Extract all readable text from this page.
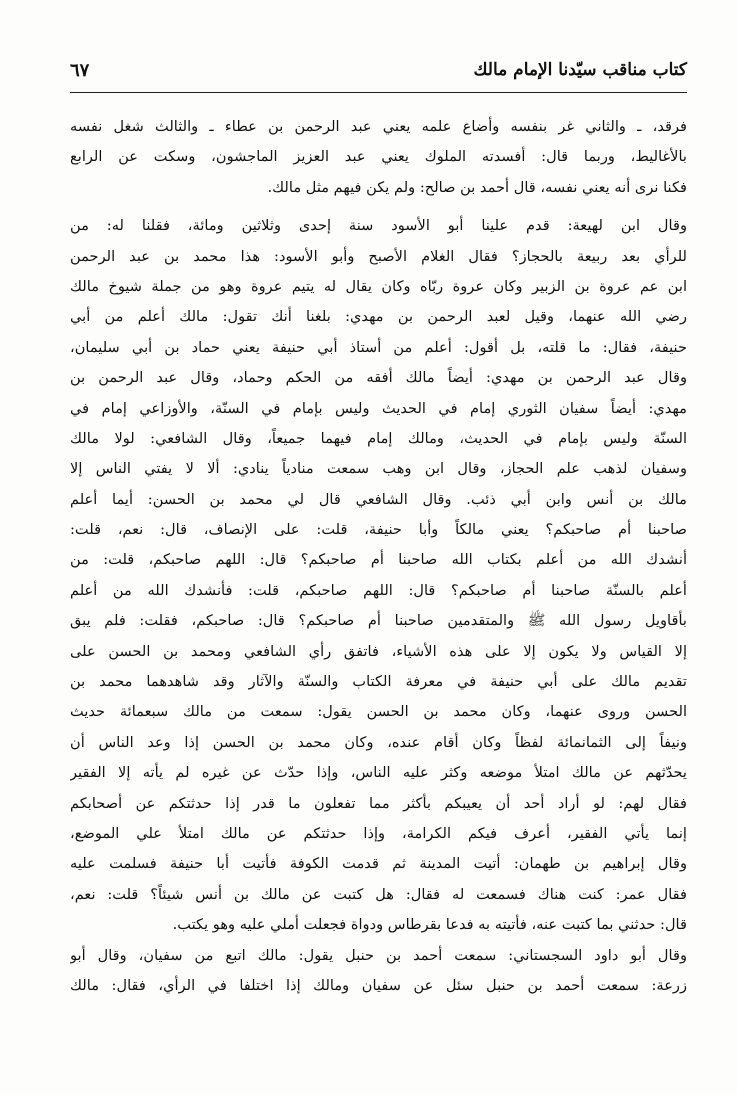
كتاب مناقب سيّدنا الإمام مالك
٦٧
فرقد، ـ والثاني غر بنفسه وأضاع علمه يعني عبد الرحمن بن عطاء ـ والثالث شغل نفسه
بالأغاليط، وربما قال: أفسدته الملوك يعني عبد العزيز الماجشون، وسكت عن الرابع
فكنا نرى أنه يعني نفسه، قال أحمد بن صالح: ولم يكن فيهم مثل مالك.
وقال ابن لهيعة: قدم علينا أبو الأسود سنة إحدى وثلاثين ومائة، فقلنا له: من
للرأي بعد ربيعة بالحجاز؟ فقال الغلام الأصبح وأبو الأسود: هذا محمد بن عبد الرحمن
ابن عم عروة بن الزبير وكان عروة ربّاه وكان يقال له يتيم عروة وهو من جملة شيوخ مالك
رضي الله عنهما، وقيل لعبد الرحمن بن مهدي: بلغنا أنك تقول: مالك أعلم من أبي
حنيفة، فقال: ما قلته، بل أقول: أعلم من أستاذ أبي حنيفة يعني حماد بن أبي سليمان،
وقال عبد الرحمن بن مهدي: أيضاً مالك أفقه من الحكم وحماد، وقال عبد الرحمن بن
مهدي: أيضاً سفيان الثوري إمام في الحديث وليس بإمام في السنّة، والأوزاعي إمام في
السنّة وليس بإمام في الحديث، ومالك إمام فيهما جميعاً، وقال الشافعي: لولا مالك
وسفيان لذهب علم الحجاز، وقال ابن وهب سمعت منادياً ينادي: ألا لا يفتي الناس إلا
مالك بن أنس وابن أبي ذئب. وقال الشافعي قال لي محمد بن الحسن: أيما أعلم
صاحبنا أم صاحبكم؟ يعني مالكاً وأبا حنيفة، قلت: على الإنصاف، قال: نعم، قلت:
أنشدك الله من أعلم بكتاب الله صاحبنا أم صاحبكم؟ قال: اللهم صاحبكم، قلت: من
أعلم بالسنّة صاحبنا أم صاحبكم؟ قال: اللهم صاحبكم، قلت: فأنشدك الله من أعلم
بأقاويل رسول الله ﷺ والمتقدمين صاحبنا أم صاحبكم؟ قال: صاحبكم، فقلت: فلم يبق
إلا القياس ولا يكون إلا على هذه الأشياء، فاتفق رأي الشافعي ومحمد بن الحسن على
تقديم مالك على أبي حنيفة في معرفة الكتاب والسنّة والآثار وقد شاهدهما محمد بن
الحسن وروى عنهما، وكان محمد بن الحسن يقول: سمعت من مالك سبعمائة حديث
ونيفاً إلى الثمانمائة لفظاً وكان أقام عنده، وكان محمد بن الحسن إذا وعد الناس أن
يحدّثهم عن مالك امتلأ موضعه وكثر عليه الناس، وإذا حدّث عن غيره لم يأته إلا الفقير
فقال لهم: لو أراد أحد أن يعيبكم بأكثر مما تفعلون ما قدر إذا حدثتكم عن أصحابكم
إنما يأتي الفقير، أعرف فيكم الكرامة، وإذا حدثتكم عن مالك امتلأ علي الموضع،
وقال إبراهيم بن طهمان: أتيت المدينة ثم قدمت الكوفة فأتيت أبا حنيفة فسلمت عليه
فقال عمر: كنت هناك فسمعت له فقال: هل كتبت عن مالك بن أنس شيئاً؟ قلت: نعم،
قال: حدثني بما كتبت عنه، فأتيته به فدعا بقرطاس ودواة فجعلت أملي عليه وهو يكتب.
وقال أبو داود السجستاني: سمعت أحمد بن حنبل يقول: مالك اتبع من سفيان، وقال أبو
زرعة: سمعت أحمد بن حنبل سئل عن سفيان ومالك إذا اختلفا في الرأي، فقال: مالك
